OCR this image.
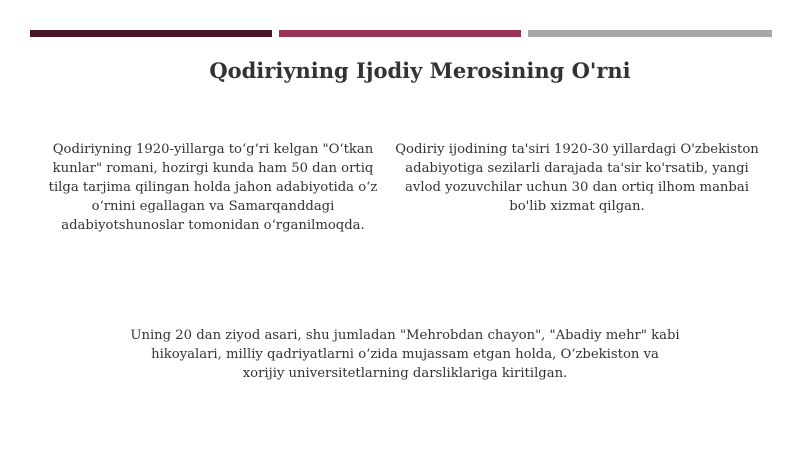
Qodiriyning Ijodiy Merosining O'rni
Qodiriyning 1920-yillarga to‘g‘ri kelgan "O‘tkan kunlar" romani, hozirgi kunda ham 50 dan ortiq tilga tarjima qilingan holda jahon adabiyotida o‘z o‘rnini egallagan va Samarqanddagi adabiyotshunoslar tomonidan o‘rganilmoqda.
Qodiriy ijodining ta'siri 1920-30 yillardagi O'zbekiston adabiyotiga sezilarli darajada ta'sir ko'rsatib, yangi avlod yozuvchilar uchun 30 dan ortiq ilhom manbai bo'lib xizmat qilgan.
Uning 20 dan ziyod asari, shu jumladan "Mehrobdan chayon", "Abadiy mehr" kabi hikoyalari, milliy qadriyatlarni o‘zida mujassam etgan holda, O‘zbekiston va xorijiy universitetlarning darsliklariga kiritilgan.
